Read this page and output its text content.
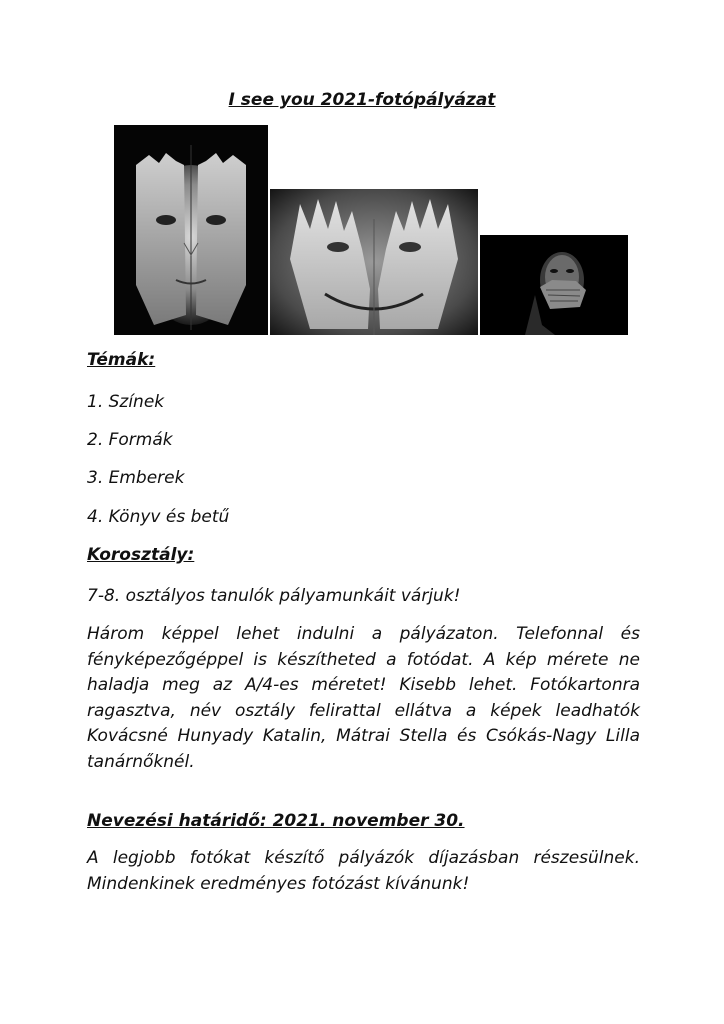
I see you 2021-fotópályázat
Témák:
1. Színek
2. Formák
3. Emberek
4. Könyv és betű
Korosztály:
7-8. osztályos tanulók pályamunkáit várjuk!
Három képpel lehet indulni a pályázaton. Telefonnal és
fényképezőgéppel is készítheted a fotódat. A kép mérete ne
haladja meg az A/4-es méretet! Kisebb lehet. Fotókartonra
ragasztva, név osztály felirattal ellátva a képek leadhatók
Kovácsné Hunyady Katalin, Mátrai Stella és Csókás-Nagy Lilla
tanárnőknél.
Nevezési határidő: 2021. november 30.
A legjobb fotókat készítő pályázók díjazásban részesülnek.
Mindenkinek eredményes fotózást kívánunk!
